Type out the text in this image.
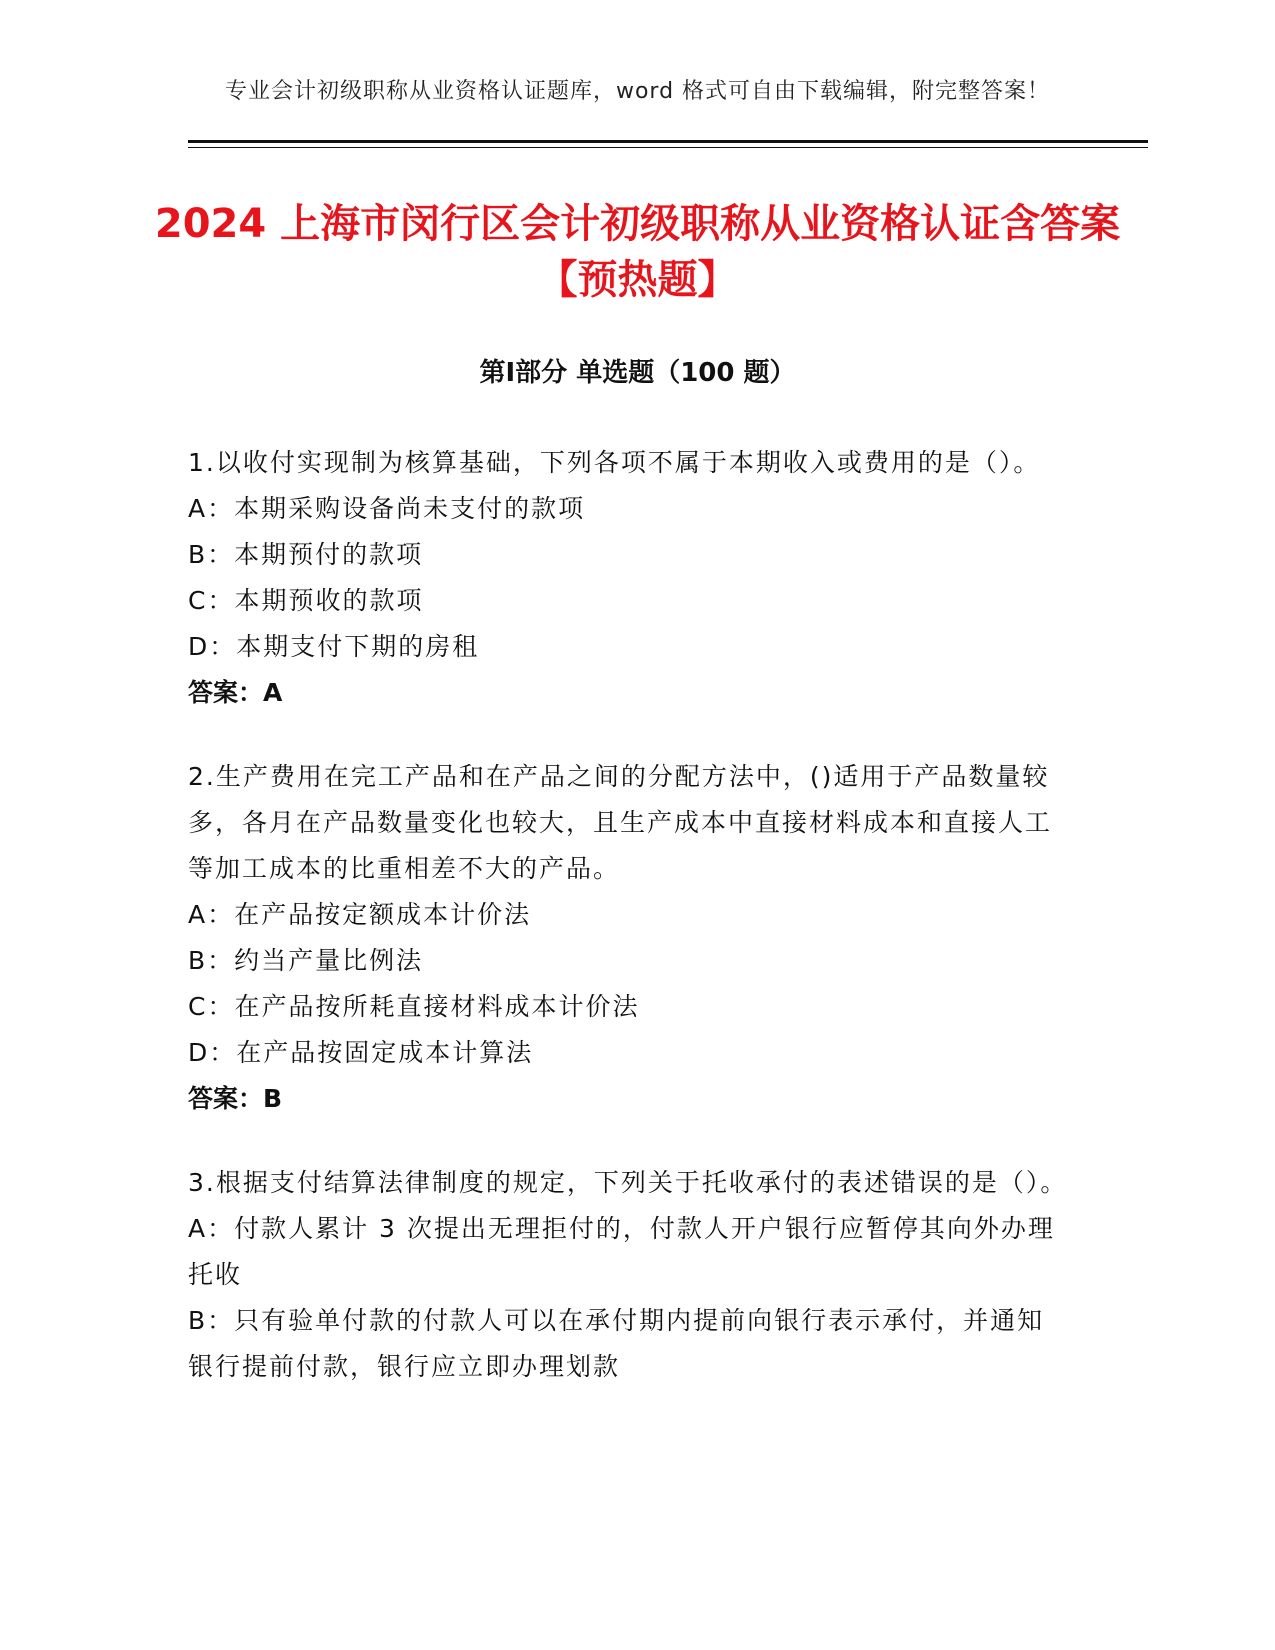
专业会计初级职称从业资格认证题库，word 格式可自由下载编辑，附完整答案！
2024 上海市闵行区会计初级职称从业资格认证含答案【预热题】
第Ⅰ部分 单选题（100 题）

1.以收付实现制为核算基础，下列各项不属于本期收入或费用的是（）。

A：本期采购设备尚未支付的款项

B：本期预付的款项

C：本期预收的款项

D：本期支付下期的房租

答案：A

2.生产费用在完工产品和在产品之间的分配方法中，()适用于产品数量较多，各月在产品数量变化也较大，且生产成本中直接材料成本和直接人工等加工成本的比重相差不大的产品。

A：在产品按定额成本计价法

B：约当产量比例法

C：在产品按所耗直接材料成本计价法

D：在产品按固定成本计算法

答案：B

3.根据支付结算法律制度的规定，下列关于托收承付的表述错误的是（）。

A：付款人累计 3 次提出无理拒付的，付款人开户银行应暂停其向外办理托收

B：只有验单付款的付款人可以在承付期内提前向银行表示承付，并通知银行提前付款，银行应立即办理划款
